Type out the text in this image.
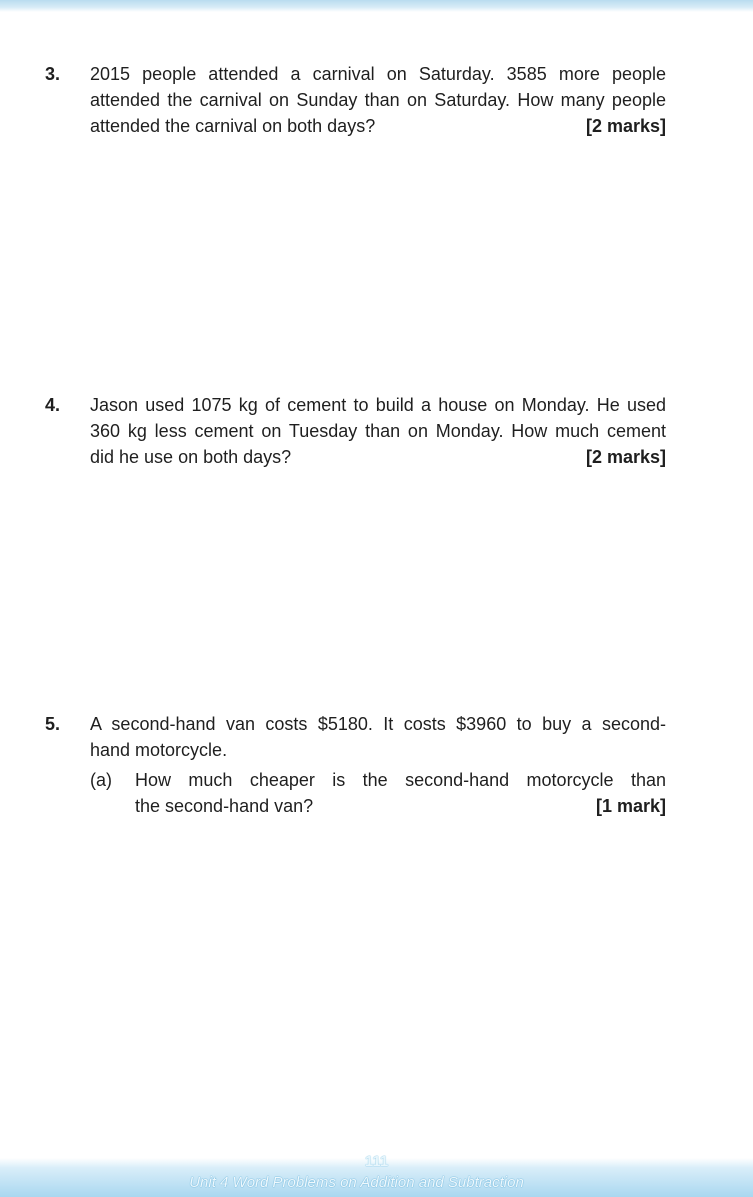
3. 2015 people attended a carnival on Saturday. 3585 more people
attended the carnival on Sunday than on Saturday. How many people
attended the carnival on both days?	[2 marks]
4. Jason used 1075 kg of cement to build a house on Monday. He used
360 kg less cement on Tuesday than on Monday. How much cement
did he use on both days?	[2 marks]
5. A second-hand van costs $5180. It costs $3960 to buy a second-
hand motorcycle.
(a) How much cheaper is the second-hand motorcycle than
the second-hand van?	[1 mark]
111
Unit 4 Word Problems on Addition and Subtraction
